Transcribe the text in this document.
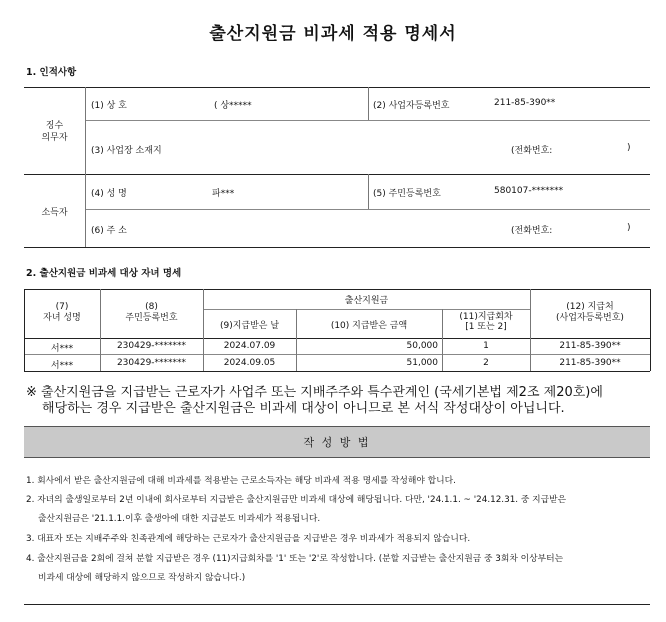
출산지원금 비과세 적용 명세서
1. 인적사항
징수
의무자
(1) 상 호	( 상*****	(2) 사업자등록번호	211-85-390**
(3) 사업장 소재지	(전화번호:	)
소득자
(4) 성 명	파***	(5) 주민등록번호	580107-*******
(6) 주 소	(전화번호:	)
2. 출산지원금 비과세 대상 자녀 명세
(7)
자녀 성명
(8)
주민등록번호
출산지원금
(9)지급받은 날	(10) 지급받은 금액
(11)지급회차
[1 또는 2]
(12) 지급처
(사업자등록번호)
서***	230429-*******	2024.07.09	50,000	1	211-85-390**
서***	230429-*******	2024.09.05	51,000	2	211-85-390**
※ 출산지원금을 지급받는 근로자가 사업주 또는 지배주주와 특수관계인 (국세기본법 제2조 제20호)에
해당하는 경우 지급받은 출산지원금은 비과세 대상이 아니므로 본 서식 작성대상이 아닙니다.
작 성 방 법
1. 회사에서 받은 출산지원금에 대해 비과세를 적용받는 근로소득자는 해당 비과세 적용 명세를 작성해야 합니다.
2. 자녀의 출생일로부터 2년 이내에 회사로부터 지급받은 출산지원금만 비과세 대상에 해당됩니다. 다만, '24.1.1. ~ '24.12.31. 중 지급받은
출산지원금은 '21.1.1.이후 출생아에 대한 지급분도 비과세가 적용됩니다.
3. 대표자 또는 지배주주와 친족관계에 해당하는 근로자가 출산지원금을 지급받은 경우 비과세가 적용되지 않습니다.
4. 출산지원금을 2회에 걸쳐 분할 지급받은 경우 (11)지급회차를 '1' 또는 '2'로 작성합니다. (분할 지급받는 출산지원금 중 3회차 이상부터는
비과세 대상에 해당하지 않으므로 작성하지 않습니다.)
